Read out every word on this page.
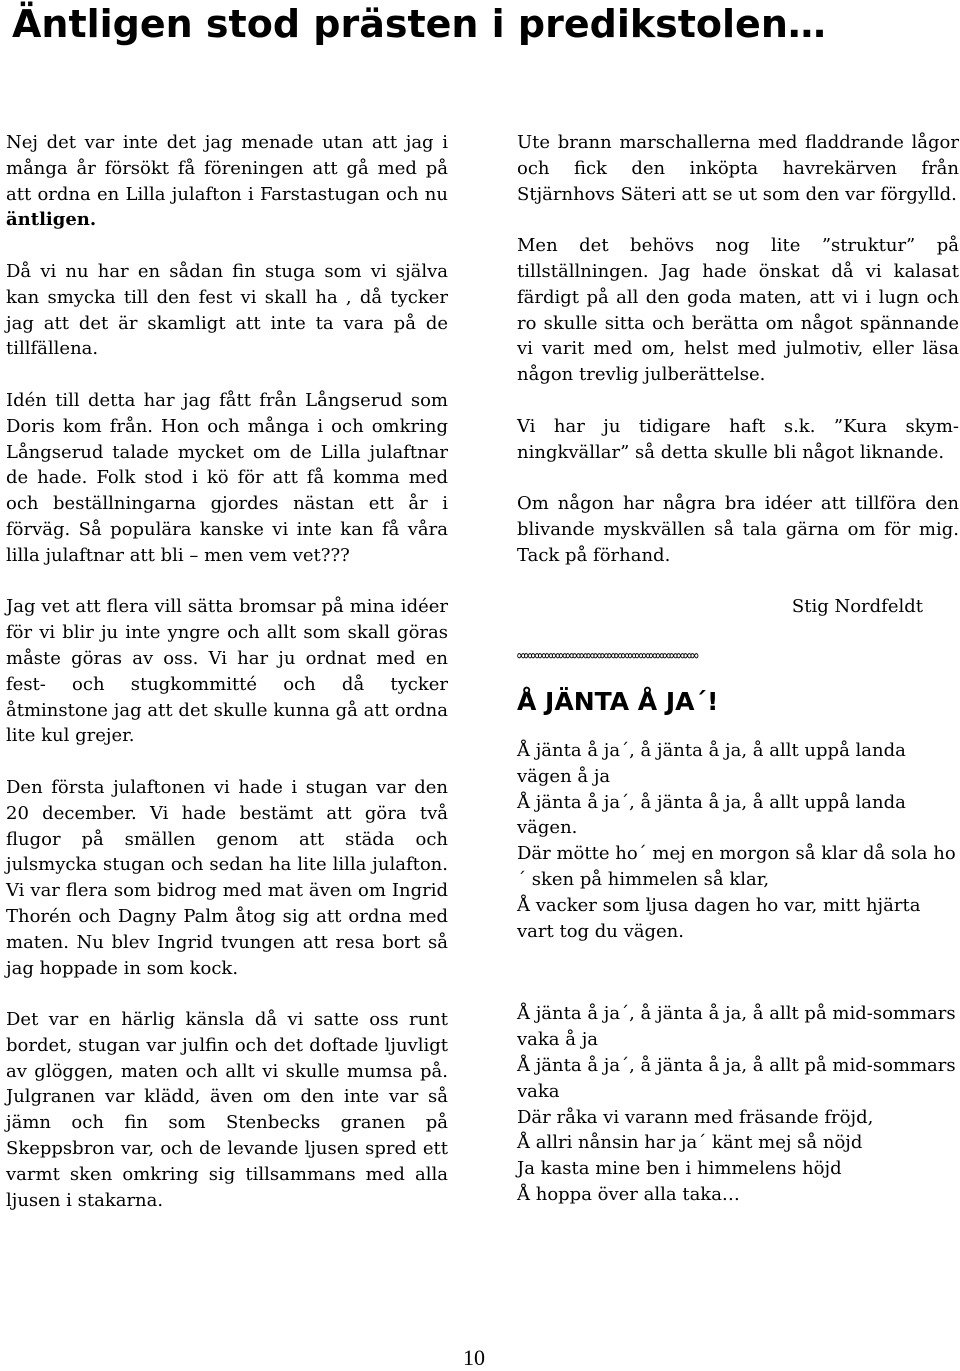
Äntligen stod prästen i predikstolen…

Nej det var inte det jag menade utan att jag i många år försökt få föreningen att gå med på att ordna en Lilla julafton i Farstastugan och nu äntligen.

Då vi nu har en sådan fin stuga som vi själva kan smycka till den fest vi skall ha , då tycker jag att det är skamligt att inte ta vara på de tillfällena.

Idén till detta har jag fått från Långserud som Doris kom från. Hon och många i och omkring Långserud talade mycket om de Lilla julaftnar de hade. Folk stod i kö för att få komma med och beställningarna gjordes nästan ett år i förväg. Så populära kanske vi inte kan få våra lilla julaftnar att bli – men vem vet???

Jag vet att flera vill sätta bromsar på mina idéer för vi blir ju inte yngre och allt som skall göras måste göras av oss. Vi har ju ordnat med en fest- och stugkommitté och då tycker åtminstone jag att det skulle kunna gå att ordna lite kul grejer.

Den första julaftonen vi hade i stugan var den 20 december. Vi hade bestämt att göra två flugor på smällen genom att städa och julsmycka stugan och sedan ha lite lilla julafton. Vi var flera som bidrog med mat även om Ingrid Thorén och Dagny Palm åtog sig att ordna med maten. Nu blev Ingrid tvungen att resa bort så jag hoppade in som kock.

Det var en härlig känsla då vi satte oss runt bordet, stugan var julfin och det doftade ljuvligt av glöggen, maten och allt vi skulle mumsa på. Julgranen var klädd, även om den inte var så jämn och fin som Stenbecks granen på Skeppsbron var, och de levande ljusen spred ett varmt sken omkring sig tillsammans med alla ljusen i stakarna.

Ute brann marschallerna med fladdrande lågor och fick den inköpta havrekärven från Stjärnhovs Säteri att se ut som den var förgylld.

Men det behövs nog lite ”struktur” på tillställningen. Jag hade önskat då vi kalasat färdigt på all den goda maten, att vi i lugn och ro skulle sitta och berätta om något spännande vi varit med om, helst med julmotiv, eller läsa någon trevlig julberättelse.

Vi har ju tidigare haft s.k. ”Kura skym-ningkvällar” så detta skulle bli något liknande.

Om någon har några bra idéer att tillföra den blivande myskvällen så tala gärna om för mig. Tack på förhand.

Stig Nordfeldt

∞∞∞∞∞∞∞∞∞∞∞∞∞∞∞∞∞∞∞∞∞∞∞∞∞∞
Å JÄNTA Å JA´!

Å jänta å ja´, å jänta å ja, å allt uppå landa vägen å ja
Å jänta å ja´, å jänta å ja, å allt uppå landa vägen.
Där mötte ho´ mej en morgon så klar då sola ho´ sken på himmelen så klar,
Å vacker som ljusa dagen ho var, mitt hjärta vart tog du vägen.

Å jänta å ja´, å jänta å ja, å allt på mid-sommars vaka å ja
Å jänta å ja´, å jänta å ja, å allt på mid-sommars vaka
Där råka vi varann med fräsande fröjd,
Å allri nånsin har ja´ känt mej så nöjd
Ja kasta mine ben i himmelens höjd
Å hoppa över alla taka…

10
